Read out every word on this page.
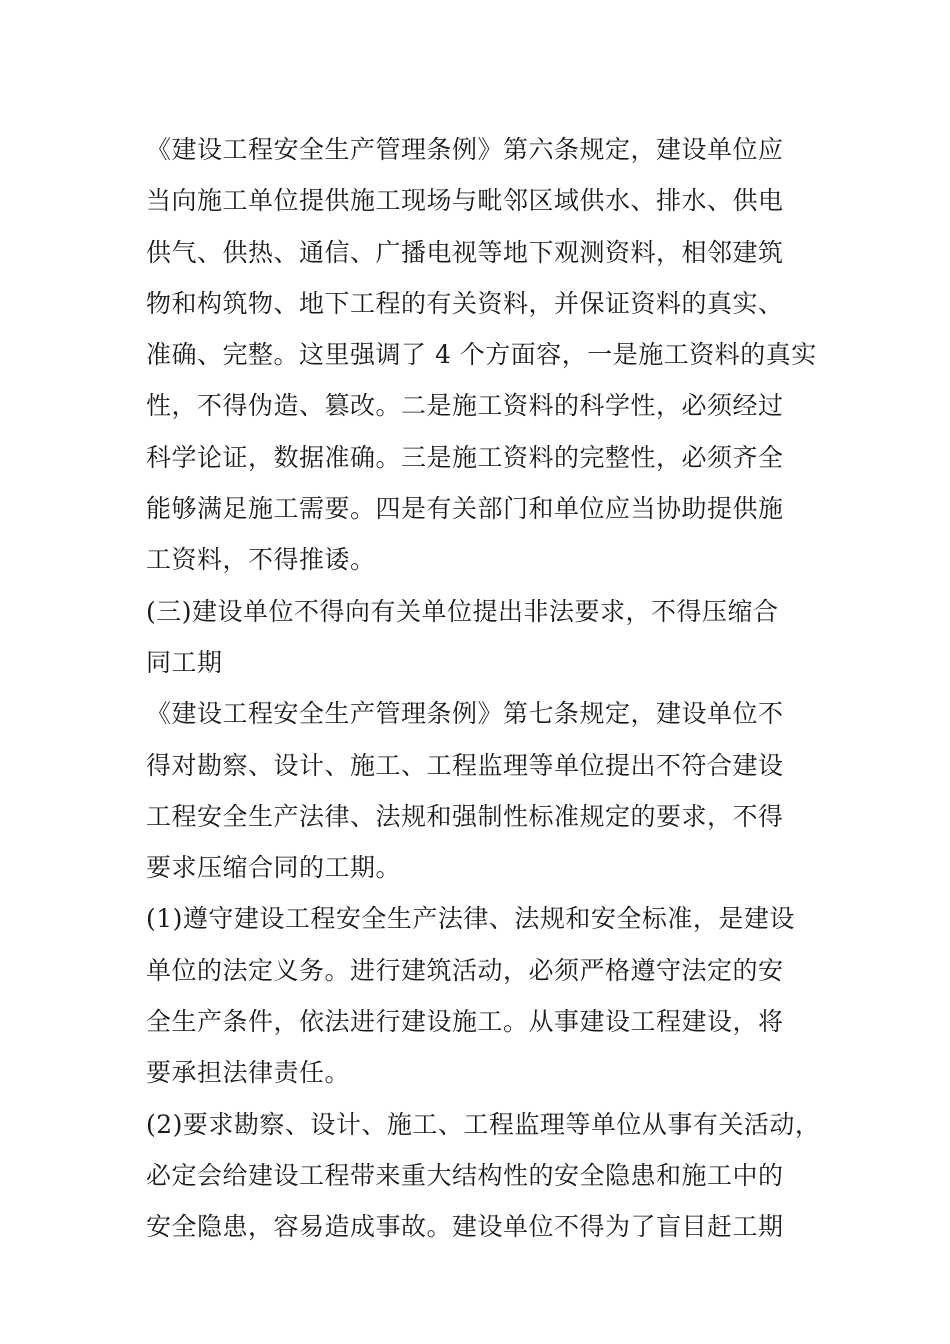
《建设工程安全生产管理条例》第六条规定，建设单位应
当向施工单位提供施工现场与毗邻区域供水、排水、供电
供气、供热、通信、广播电视等地下观测资料，相邻建筑
物和构筑物、地下工程的有关资料，并保证资料的真实、
准确、完整。这里强调了 4 个方面容，一是施工资料的真实
性，不得伪造、篡改。二是施工资料的科学性，必须经过
科学论证，数据准确。三是施工资料的完整性，必须齐全
能够满足施工需要。四是有关部门和单位应当协助提供施
工资料，不得推诿。
(三)建设单位不得向有关单位提出非法要求，不得压缩合
同工期
《建设工程安全生产管理条例》第七条规定，建设单位不
得对勘察、设计、施工、工程监理等单位提出不符合建设
工程安全生产法律、法规和强制性标准规定的要求，不得
要求压缩合同的工期。
(1)遵守建设工程安全生产法律、法规和安全标准，是建设
单位的法定义务。进行建筑活动，必须严格遵守法定的安
全生产条件，依法进行建设施工。从事建设工程建设，将
要承担法律责任。
(2)要求勘察、设计、施工、工程监理等单位从事有关活动，
必定会给建设工程带来重大结构性的安全隐患和施工中的
安全隐患，容易造成事故。建设单位不得为了盲目赶工期
